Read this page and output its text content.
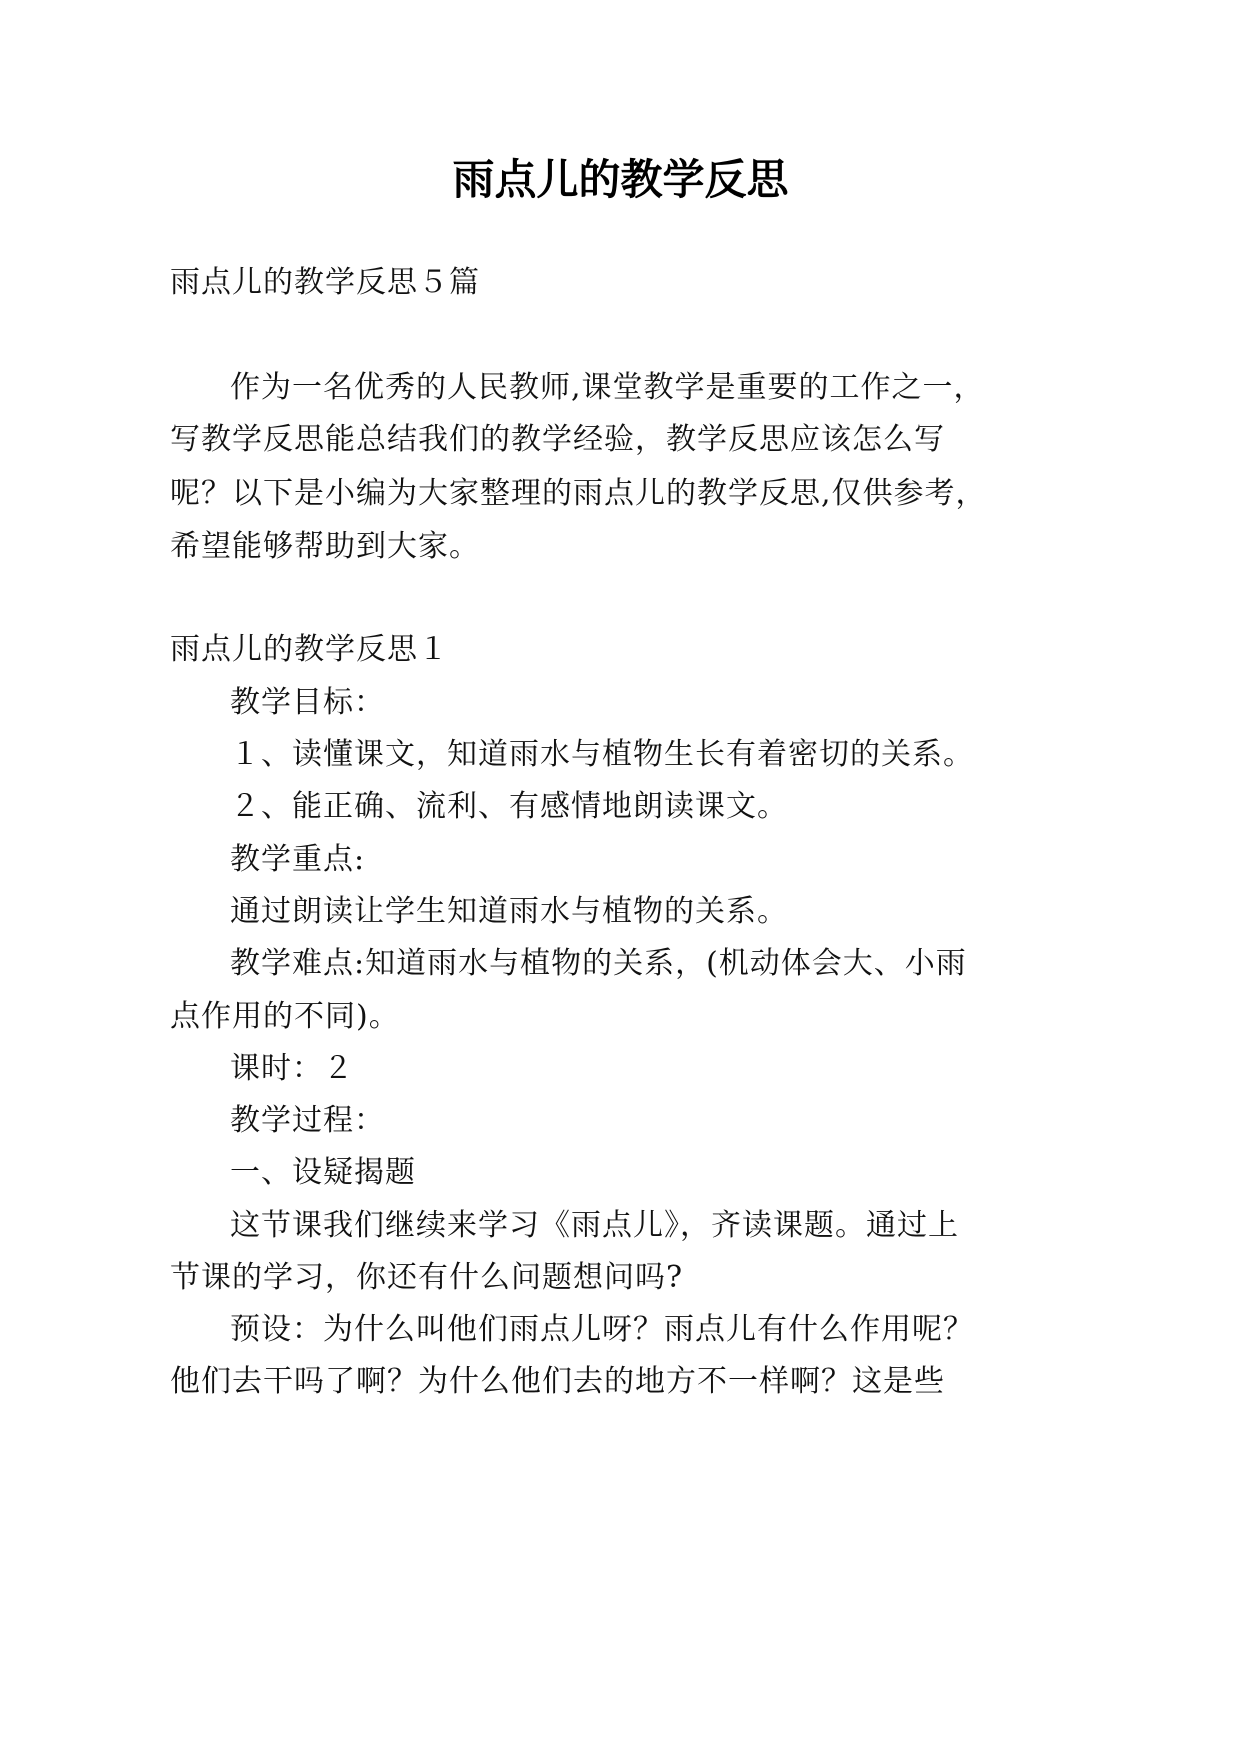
雨点儿的教学反思
雨点儿的教学反思５篇
作为一名优秀的人民教师,课堂教学是重要的工作之一，
写教学反思能总结我们的教学经验，教学反思应该怎么写
呢？以下是小编为大家整理的雨点儿的教学反思,仅供参考，
希望能够帮助到大家。
雨点儿的教学反思１
教学目标：
１、读懂课文，知道雨水与植物生长有着密切的关系。
２、能正确、流利、有感情地朗读课文。
教学重点:
通过朗读让学生知道雨水与植物的关系。
教学难点:知道雨水与植物的关系，(机动体会大、小雨
点作用的不同)。
课时：２
教学过程：
一、设疑揭题
这节课我们继续来学习《雨点儿》，齐读课题。通过上
节课的学习，你还有什么问题想问吗?
预设：为什么叫他们雨点儿呀？雨点儿有什么作用呢？
他们去干吗了啊？为什么他们去的地方不一样啊？这是些
